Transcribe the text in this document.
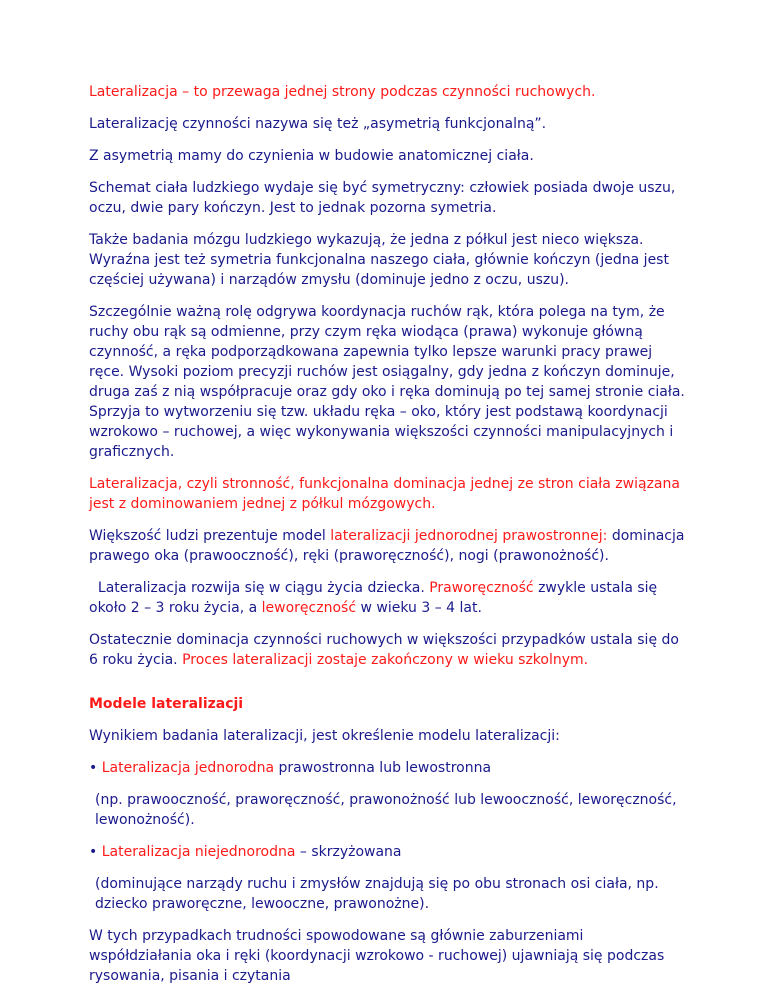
Lateralizacja – to przewaga jednej strony podczas czynności ruchowych.

Lateralizację czynności nazywa się też „asymetrią funkcjonalną”.

Z asymetrią mamy do czynienia w budowie anatomicznej ciała.

Schemat ciała ludzkiego wydaje się być symetryczny: człowiek posiada dwoje uszu, oczu, dwie pary kończyn. Jest to jednak pozorna symetria.

Także badania mózgu ludzkiego wykazują, że jedna z półkul jest nieco większa. Wyraźna jest też symetria funkcjonalna naszego ciała, głównie kończyn (jedna jest częściej używana) i narządów zmysłu (dominuje jedno z oczu, uszu).

Szczególnie ważną rolę odgrywa koordynacja ruchów rąk, która polega na tym, że ruchy obu rąk są odmienne, przy czym ręka wiodąca (prawa) wykonuje główną czynność, a ręka podporządkowana zapewnia tylko lepsze warunki pracy prawej ręce. Wysoki poziom precyzji ruchów jest osiągalny, gdy jedna z kończyn dominuje, druga zaś z nią współpracuje oraz gdy oko i ręka dominują po tej samej stronie ciała. Sprzyja to wytworzeniu się tzw. układu ręka – oko, który jest podstawą koordynacji wzrokowo – ruchowej, a więc wykonywania większości czynności manipulacyjnych i graficznych.

Lateralizacja, czyli stronność, funkcjonalna dominacja jednej ze stron ciała związana jest z dominowaniem jednej z półkul mózgowych.

Większość ludzi prezentuje model lateralizacji jednorodnej prawostronnej: dominacja prawego oka (prawooczność), ręki (praworęczność), nogi (prawonożność).

Lateralizacja rozwija się w ciągu życia dziecka. Praworęczność zwykle ustala się około 2 – 3 roku życia, a leworęczność w wieku 3 – 4 lat.

Ostatecznie dominacja czynności ruchowych w większości przypadków ustala się do 6 roku życia. Proces lateralizacji zostaje zakończony w wieku szkolnym.

Modele lateralizacji

Wynikiem badania lateralizacji, jest określenie modelu lateralizacji:

• Lateralizacja jednorodna prawostronna lub lewostronna

(np. prawooczność, praworęczność, prawonożność lub lewooczność, leworęczność, lewonożność).

• Lateralizacja niejednorodna – skrzyżowana

(dominujące narządy ruchu i zmysłów znajdują się po obu stronach osi ciała, np. dziecko praworęczne, lewooczne, prawonożne).

W tych przypadkach trudności spowodowane są głównie zaburzeniami współdziałania oka i ręki (koordynacji wzrokowo - ruchowej) ujawniają się podczas rysowania, pisania i czytania
